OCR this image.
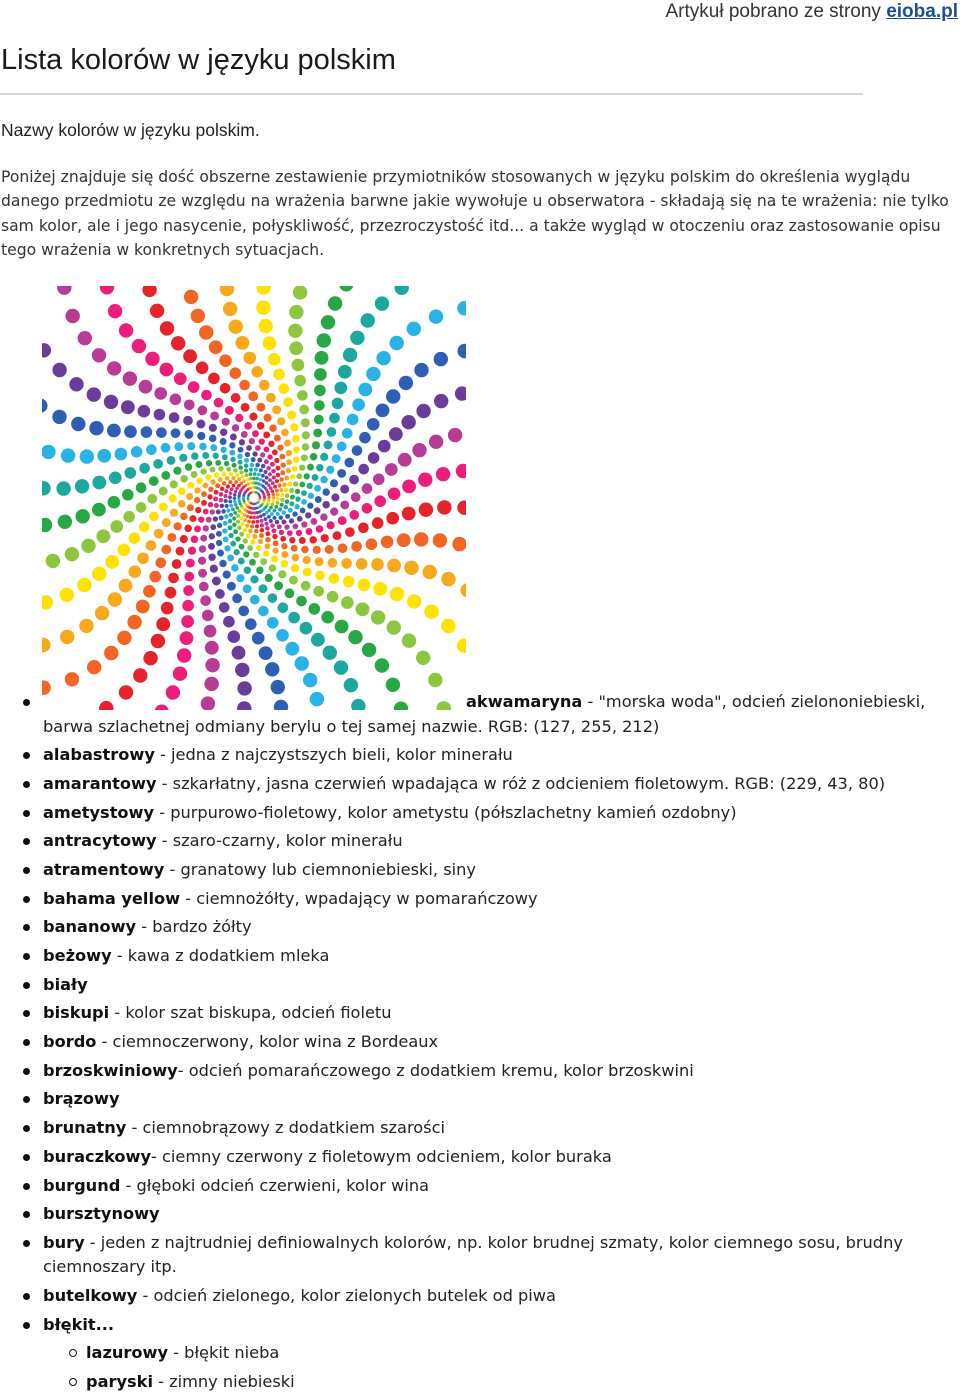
Artykuł pobrano ze strony eioba.pl
Lista kolorów w języku polskim

Nazwy kolorów w języku polskim.

Poniżej znajduje się dość obszerne zestawienie przymiotników stosowanych w języku polskim do określenia wyglądu danego przedmiotu ze względu na wrażenia barwne jakie wywołuje u obserwatora - składają się na te wrażenia: nie tylko sam kolor, ale i jego nasycenie, połyskliwość, przezroczystość itd... a także wygląd w otoczeniu oraz zastosowanie opisu tego wrażenia w konkretnych sytuacjach.

akwamaryna - "morska woda", odcień zielononiebieski,
barwa szlachetnej odmiany berylu o tej samej nazwie. RGB: (127, 255, 212)
alabastrowy - jedna z najczystszych bieli, kolor minerału
amarantowy - szkarłatny, jasna czerwień wpadająca w róż z odcieniem fioletowym. RGB: (229, 43, 80)
ametystowy - purpurowo-fioletowy, kolor ametystu (półszlachetny kamień ozdobny)
antracytowy - szaro-czarny, kolor minerału
atramentowy - granatowy lub ciemnoniebieski, siny
bahama yellow - ciemnożółty, wpadający w pomarańczowy
bananowy - bardzo żółty
beżowy - kawa z dodatkiem mleka
biały
biskupi - kolor szat biskupa, odcień fioletu
bordo - ciemnoczerwony, kolor wina z Bordeaux
brzoskwiniowy- odcień pomarańczowego z dodatkiem kremu, kolor brzoskwini
brązowy
brunatny - ciemnobrązowy z dodatkiem szarości
buraczkowy- ciemny czerwony z fioletowym odcieniem, kolor buraka
burgund - głęboki odcień czerwieni, kolor wina
bursztynowy
bury - jeden z najtrudniej definiowalnych kolorów, np. kolor brudnej szmaty, kolor ciemnego sosu, brudny ciemnoszary itp.
butelkowy - odcień zielonego, kolor zielonych butelek od piwa
błękit...
lazurowy - błękit nieba
paryski - zimny niebieski
